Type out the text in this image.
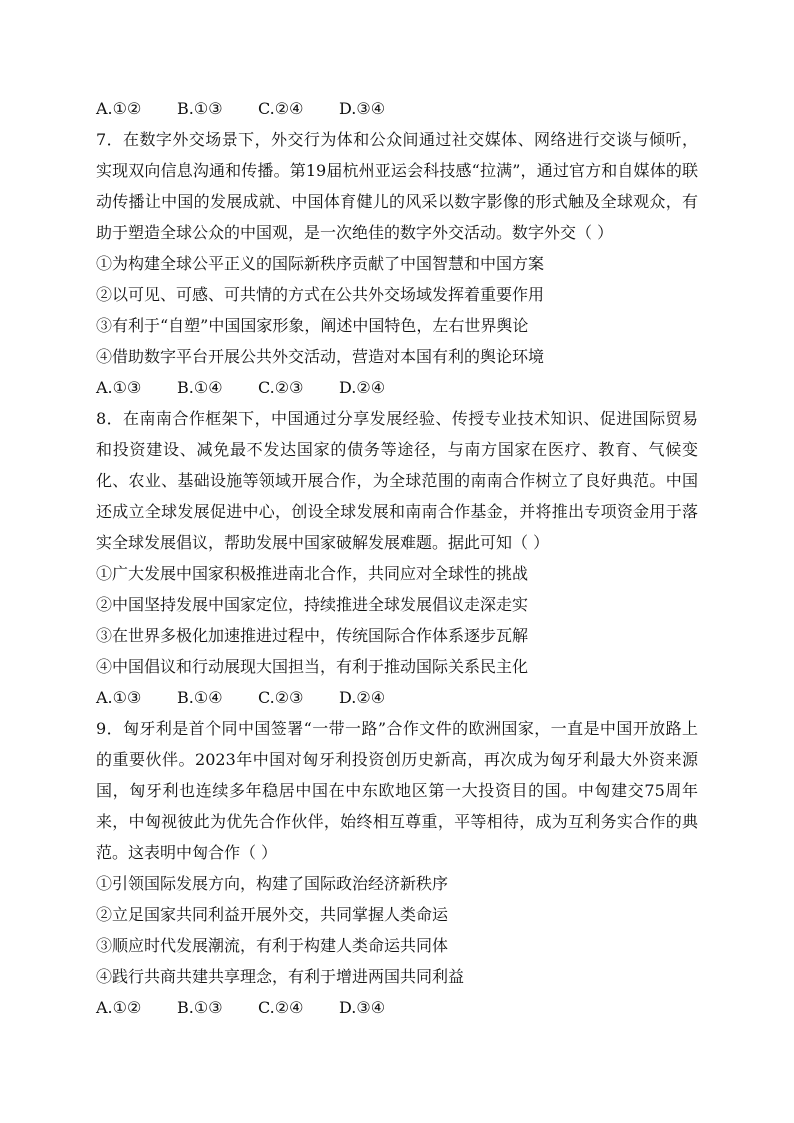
A.①② B.①③ C.②④ D.③④
7．在数字外交场景下，外交行为体和公众间通过社交媒体、网络进行交谈与倾听，实现双向信息沟通和传播。第19届杭州亚运会科技感“拉满”，通过官方和自媒体的联动传播让中国的发展成就、中国体育健儿的风采以数字影像的形式触及全球观众，有助于塑造全球公众的中国观，是一次绝佳的数字外交活动。数字外交（ ）
①为构建全球公平正义的国际新秩序贡献了中国智慧和中国方案
②以可见、可感、可共情的方式在公共外交场域发挥着重要作用
③有利于“自塑”中国国家形象，阐述中国特色，左右世界舆论
④借助数字平台开展公共外交活动，营造对本国有利的舆论环境
A.①③ B.①④ C.②③ D.②④
8．在南南合作框架下，中国通过分享发展经验、传授专业技术知识、促进国际贸易和投资建设、减免最不发达国家的债务等途径，与南方国家在医疗、教育、气候变化、农业、基础设施等领域开展合作，为全球范围的南南合作树立了良好典范。中国还成立全球发展促进中心，创设全球发展和南南合作基金，并将推出专项资金用于落实全球发展倡议，帮助发展中国家破解发展难题。据此可知（ ）
①广大发展中国家积极推进南北合作，共同应对全球性的挑战
②中国坚持发展中国家定位，持续推进全球发展倡议走深走实
③在世界多极化加速推进过程中，传统国际合作体系逐步瓦解
④中国倡议和行动展现大国担当，有利于推动国际关系民主化
A.①③ B.①④ C.②③ D.②④
9．匈牙利是首个同中国签署“一带一路”合作文件的欧洲国家，一直是中国开放路上的重要伙伴。2023年中国对匈牙利投资创历史新高，再次成为匈牙利最大外资来源国，匈牙利也连续多年稳居中国在中东欧地区第一大投资目的国。中匈建交75周年来，中匈视彼此为优先合作伙伴，始终相互尊重，平等相待，成为互利务实合作的典范。这表明中匈合作（ ）
①引领国际发展方向，构建了国际政治经济新秩序
②立足国家共同利益开展外交，共同掌握人类命运
③顺应时代发展潮流，有利于构建人类命运共同体
④践行共商共建共享理念，有利于增进两国共同利益
A.①② B.①③ C.②④ D.③④
